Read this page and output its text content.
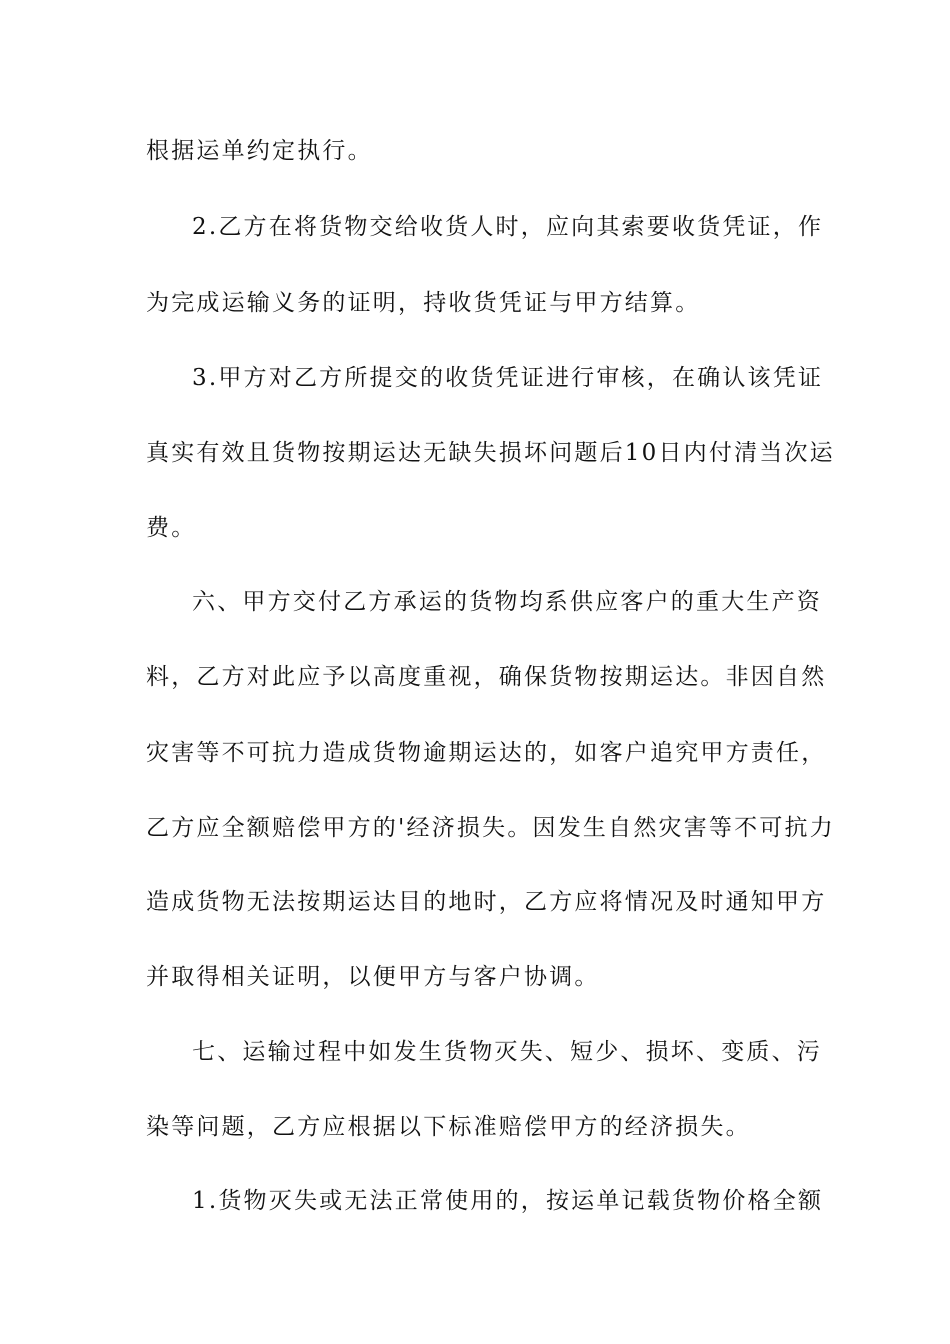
根据运单约定执行。
2.乙方在将货物交给收货人时，应向其索要收货凭证，作
为完成运输义务的证明，持收货凭证与甲方结算。
3.甲方对乙方所提交的收货凭证进行审核，在确认该凭证
真实有效且货物按期运达无缺失损坏问题后10日内付清当次运
费。
六、甲方交付乙方承运的货物均系供应客户的重大生产资
料，乙方对此应予以高度重视，确保货物按期运达。非因自然
灾害等不可抗力造成货物逾期运达的，如客户追究甲方责任，
乙方应全额赔偿甲方的'经济损失。因发生自然灾害等不可抗力
造成货物无法按期运达目的地时，乙方应将情况及时通知甲方
并取得相关证明，以便甲方与客户协调。
七、运输过程中如发生货物灭失、短少、损坏、变质、污
染等问题，乙方应根据以下标准赔偿甲方的经济损失。
1.货物灭失或无法正常使用的，按运单记载货物价格全额
